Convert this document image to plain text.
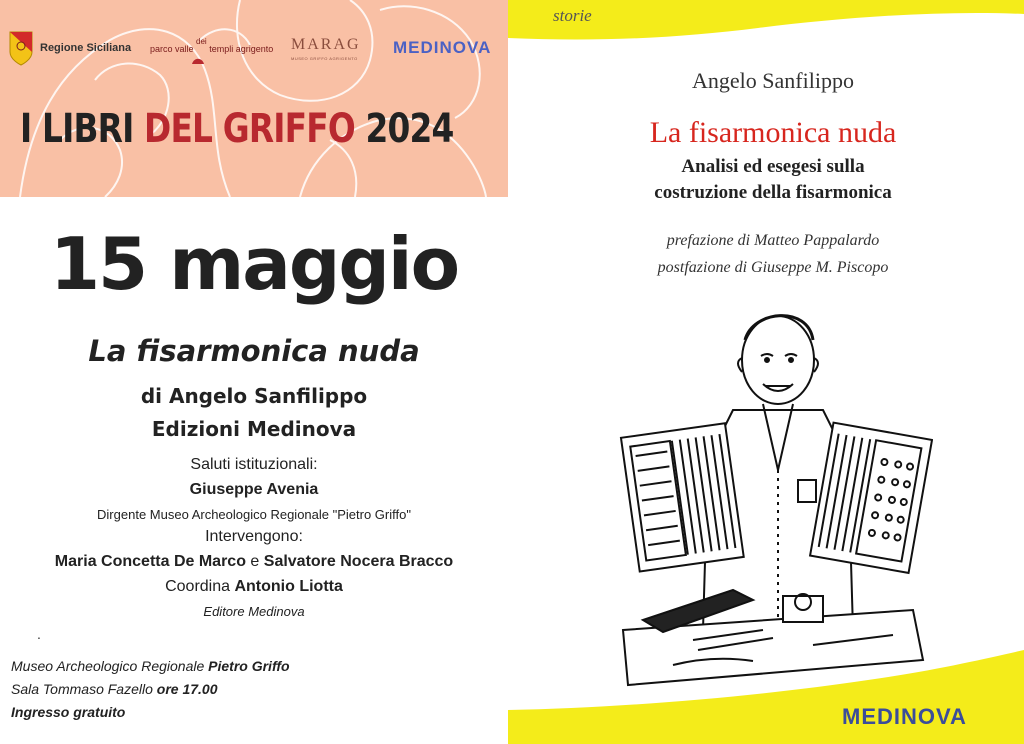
Regione Siciliana parco valle dei templi agrigento MARAG
MUSEO GRIFFO AGRIGENTO
MEDINOVA
I LIBRI DEL GRIFFO 2024
15 maggio
La fisarmonica nuda
di Angelo Sanfilippo
Edizioni Medinova
Saluti istituzionali:
Giuseppe Avenia
Dirgente Museo Archeologico Regionale "Pietro Griffo"
Intervengono:
Maria Concetta De Marco e Salvatore Nocera Bracco
Coordina Antonio Liotta
Editore Medinova
.
Museo Archeologico Regionale Pietro Griffo
Sala Tommaso Fazello ore 17.00
Ingresso gratuito
storie
Angelo Sanfilippo
La fisarmonica nuda
Analisi ed esegesi sulla
costruzione della fisarmonica
prefazione di Matteo Pappalardo
postfazione di Giuseppe M. Piscopo
MEDINOVA
